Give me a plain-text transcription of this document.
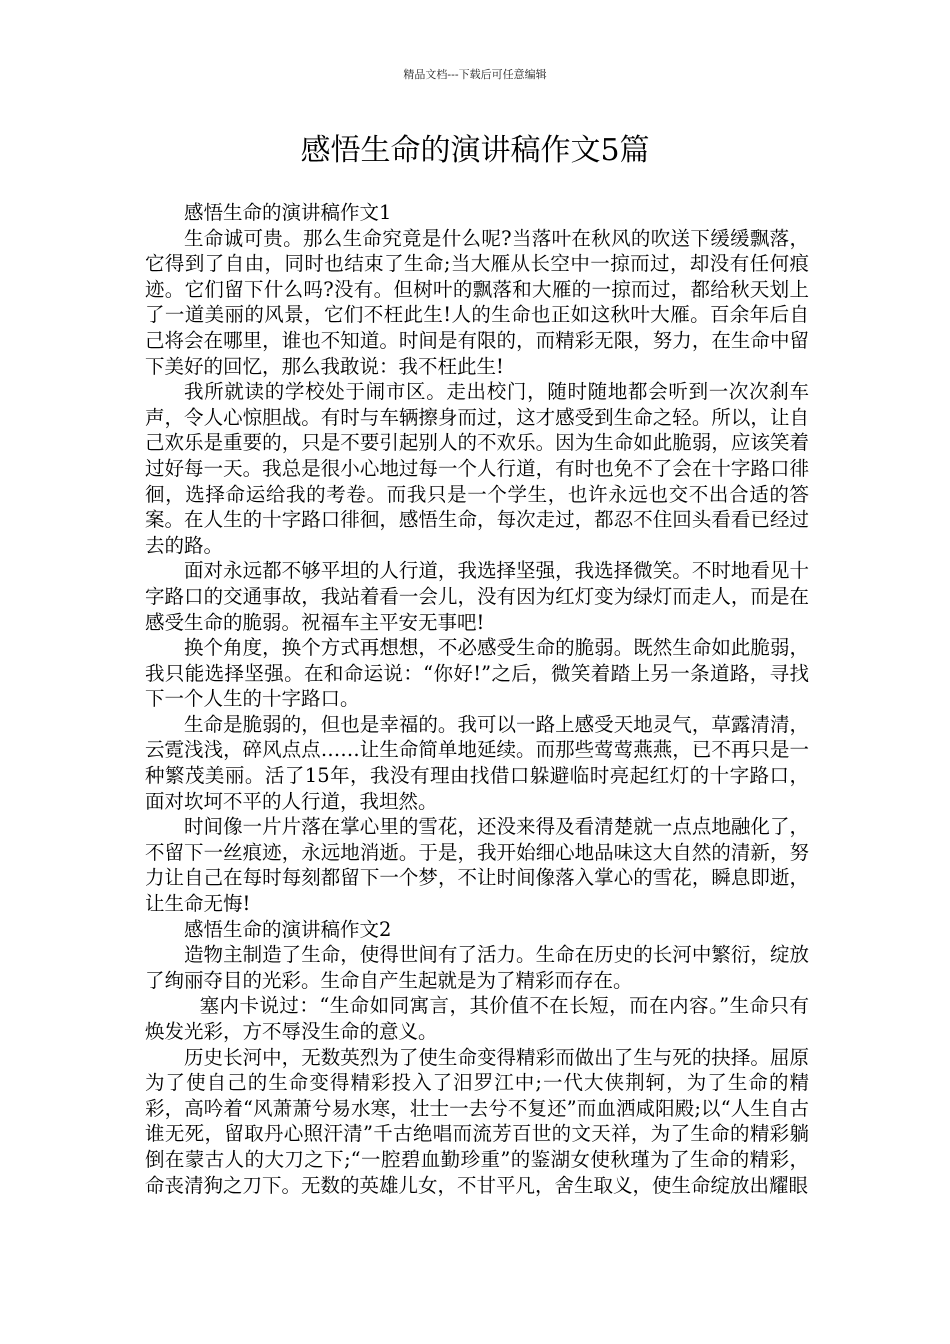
精品文档---下载后可任意编辑
感悟生命的演讲稿作文5篇

感悟生命的演讲稿作文1

生命诚可贵。那么生命究竟是什么呢?当落叶在秋风的吹送下缓缓飘落，它得到了自由，同时也结束了生命;当大雁从长空中一掠而过，却没有任何痕迹。它们留下什么吗?没有。但树叶的飘落和大雁的一掠而过，都给秋天划上了一道美丽的风景，它们不枉此生!人的生命也正如这秋叶大雁。百余年后自己将会在哪里，谁也不知道。时间是有限的，而精彩无限，努力，在生命中留下美好的回忆，那么我敢说：我不枉此生!

我所就读的学校处于闹市区。走出校门，随时随地都会听到一次次刹车声，令人心惊胆战。有时与车辆擦身而过，这才感受到生命之轻。所以，让自己欢乐是重要的，只是不要引起别人的不欢乐。因为生命如此脆弱，应该笑着过好每一天。我总是很小心地过每一个人行道，有时也免不了会在十字路口徘徊，选择命运给我的考卷。而我只是一个学生，也许永远也交不出合适的答案。在人生的十字路口徘徊，感悟生命，每次走过，都忍不住回头看看已经过去的路。

面对永远都不够平坦的人行道，我选择坚强，我选择微笑。不时地看见十字路口的交通事故，我站着看一会儿，没有因为红灯变为绿灯而走人，而是在感受生命的脆弱。祝福车主平安无事吧!

换个角度，换个方式再想想，不必感受生命的脆弱。既然生命如此脆弱，我只能选择坚强。在和命运说：“你好!”之后，微笑着踏上另一条道路，寻找下一个人生的十字路口。

生命是脆弱的，但也是幸福的。我可以一路上感受天地灵气，草露清清，云霓浅浅，碎风点点……让生命简单地延续。而那些莺莺燕燕，已不再只是一种繁茂美丽。活了15年，我没有理由找借口躲避临时亮起红灯的十字路口，面对坎坷不平的人行道，我坦然。

时间像一片片落在掌心里的雪花，还没来得及看清楚就一点点地融化了，不留下一丝痕迹，永远地消逝。于是，我开始细心地品味这大自然的清新，努力让自己在每时每刻都留下一个梦，不让时间像落入掌心的雪花，瞬息即逝，让生命无悔!

感悟生命的演讲稿作文2

造物主制造了生命，使得世间有了活力。生命在历史的长河中繁衍，绽放了绚丽夺目的光彩。生命自产生起就是为了精彩而存在。

塞内卡说过：“生命如同寓言，其价值不在长短，而在内容。”生命只有焕发光彩，方不辱没生命的意义。

历史长河中，无数英烈为了使生命变得精彩而做出了生与死的抉择。屈原为了使自己的生命变得精彩投入了汨罗江中;一代大侠荆轲，为了生命的精彩，高吟着“风萧萧兮易水寒，壮士一去兮不复还”而血洒咸阳殿;以“人生自古谁无死，留取丹心照汗清”千古绝唱而流芳百世的文天祥，为了生命的精彩躺倒在蒙古人的大刀之下;“一腔碧血勤珍重”的鉴湖女使秋瑾为了生命的精彩，命丧清狗之刀下。无数的英雄儿女，不甘平凡，舍生取义，使生命绽放出耀眼
